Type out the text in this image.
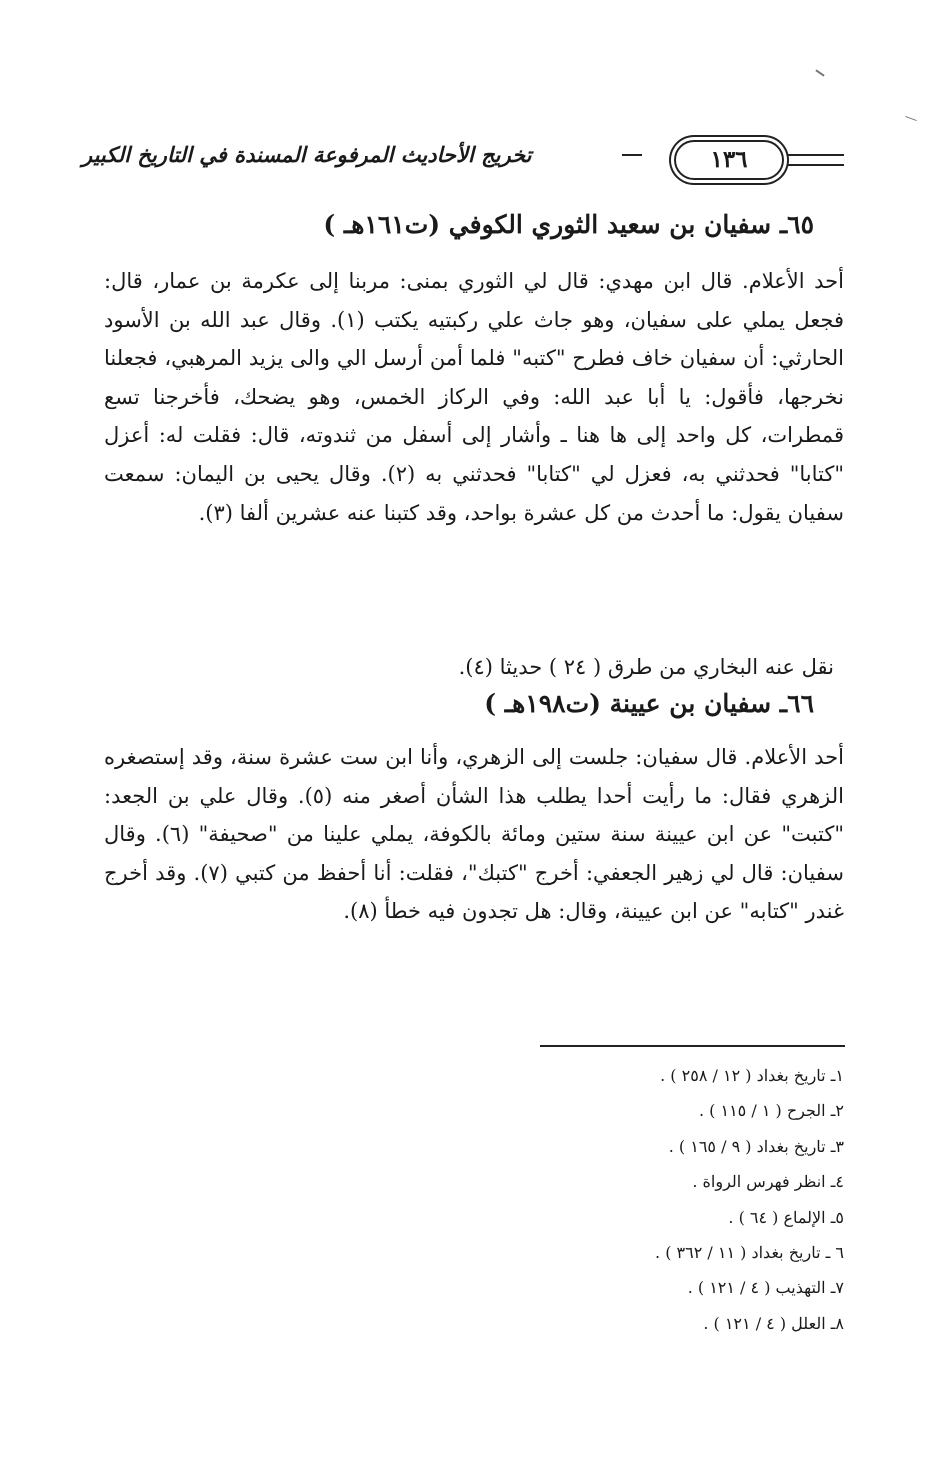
١٣٦
تخريج الأحاديث المرفوعة المسندة في التاريخ الكبير
٦٥ـ سفيان بن سعيد الثوري الكوفي (ت١٦١هـ )

أحد الأعلام. قال ابن مهدي: قال لي الثوري بمنى: مربنا إلى عكرمة بن عمار، قال: فجعل يملي على سفيان، وهو جاث علي ركبتيه يكتب (١). وقال عبد الله بن الأسود الحارثي: أن سفيان خاف فطرح "كتبه" فلما أمن أرسل الي والى يزيد المرهبي، فجعلنا نخرجها، فأقول: يا أبا عبد الله: وفي الركاز الخمس، وهو يضحك، فأخرجنا تسع قمطرات، كل واحد إلى ها هنا ـ وأشار إلى أسفل من ثندوته، قال: فقلت له: أعزل "كتابا" فحدثني به، فعزل لي "كتابا" فحدثني به (٢). وقال يحيى بن اليمان: سمعت سفيان يقول: ما أحدث من كل عشرة بواحد، وقد كتبنا عنه عشرين ألفا (٣).

نقل عنه البخاري من طرق ( ٢٤ ) حديثا (٤).

٦٦ـ سفيان بن عيينة (ت١٩٨هـ )

أحد الأعلام. قال سفيان: جلست إلى الزهري، وأنا ابن ست عشرة سنة، وقد إستصغره الزهري فقال: ما رأيت أحدا يطلب هذا الشأن أصغر منه (٥). وقال علي بن الجعد: "كتبت" عن ابن عيينة سنة ستين ومائة بالكوفة، يملي علينا من "صحيفة" (٦). وقال سفيان: قال لي زهير الجعفي: أخرج "كتبك"، فقلت: أنا أحفظ من كتبي (٧). وقد أخرج غندر "كتابه" عن ابن عيينة، وقال: هل تجدون فيه خطأ (٨).

١ـ تاريخ بغداد ( ١٢ / ٢٥٨ ) .
٢ـ الجرح ( ١ / ١١٥ ) .
٣ـ تاريخ بغداد ( ٩ / ١٦٥ ) .
٤ـ انظر فهرس الرواة .
٥ـ الإلماع ( ٦٤ ) .
٦ ـ تاريخ بغداد ( ١١ / ٣٦٢ ) .
٧ـ التهذيب ( ٤ / ١٢١ ) .
٨ـ العلل ( ٤ / ١٢١ ) .
